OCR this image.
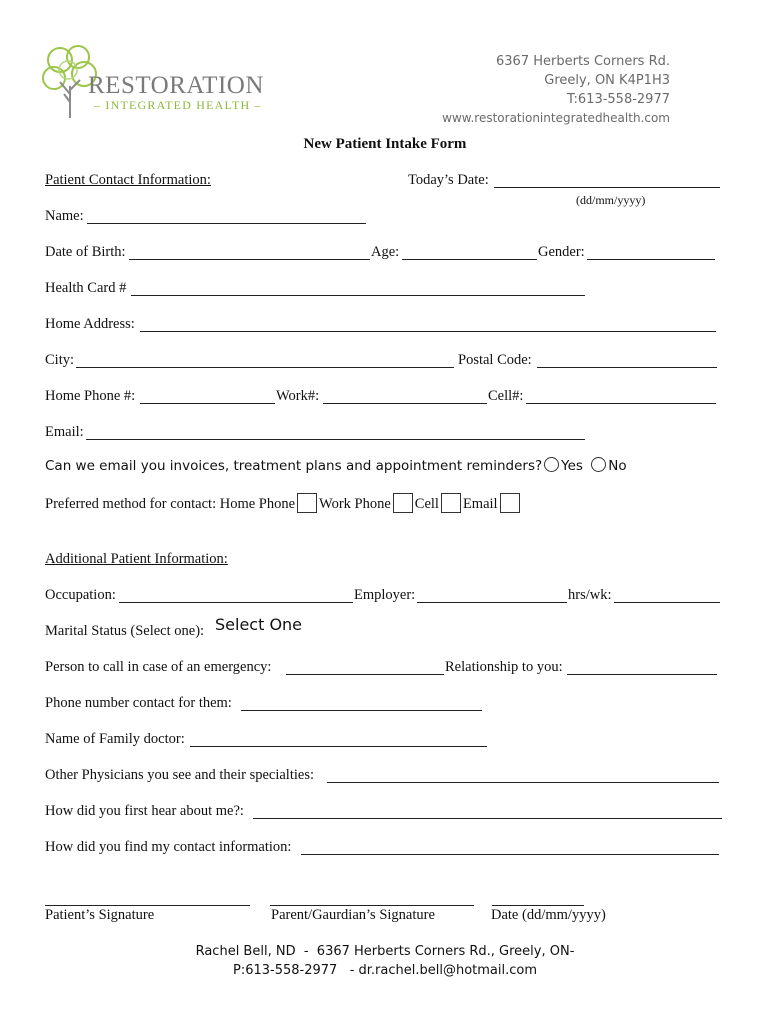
RESTORATION
– INTEGRATED HEALTH –
6367 Herberts Corners Rd.
Greely, ON K4P1H3
T:613-558-2977
www.restorationintegratedhealth.com
New Patient Intake Form
Patient Contact Information:	Today’s Date:
(dd/mm/yyyy)
Name:
Date of Birth:	Age:	Gender:
Health Card #
Home Address:
City:	Postal Code:
Home Phone #:	Work#:	Cell#:
Email:
Can we email you invoices, treatment plans and appointment reminders? Yes No
Preferred method for contact: Home Phone Work Phone Cell Email
Additional Patient Information:
Occupation:	Employer:	hrs/wk:
Marital Status (Select one): Select One
Person to call in case of an emergency:	Relationship to you:
Phone number contact for them:
Name of Family doctor:
Other Physicians you see and their specialties:
How did you first hear about me?:
How did you find my contact information:
Patient’s Signature	Parent/Gaurdian’s Signature	Date (dd/mm/yyyy)
Rachel Bell, ND  -  6367 Herberts Corners Rd., Greely, ON-
P:613-558-2977   - dr.rachel.bell@hotmail.com
